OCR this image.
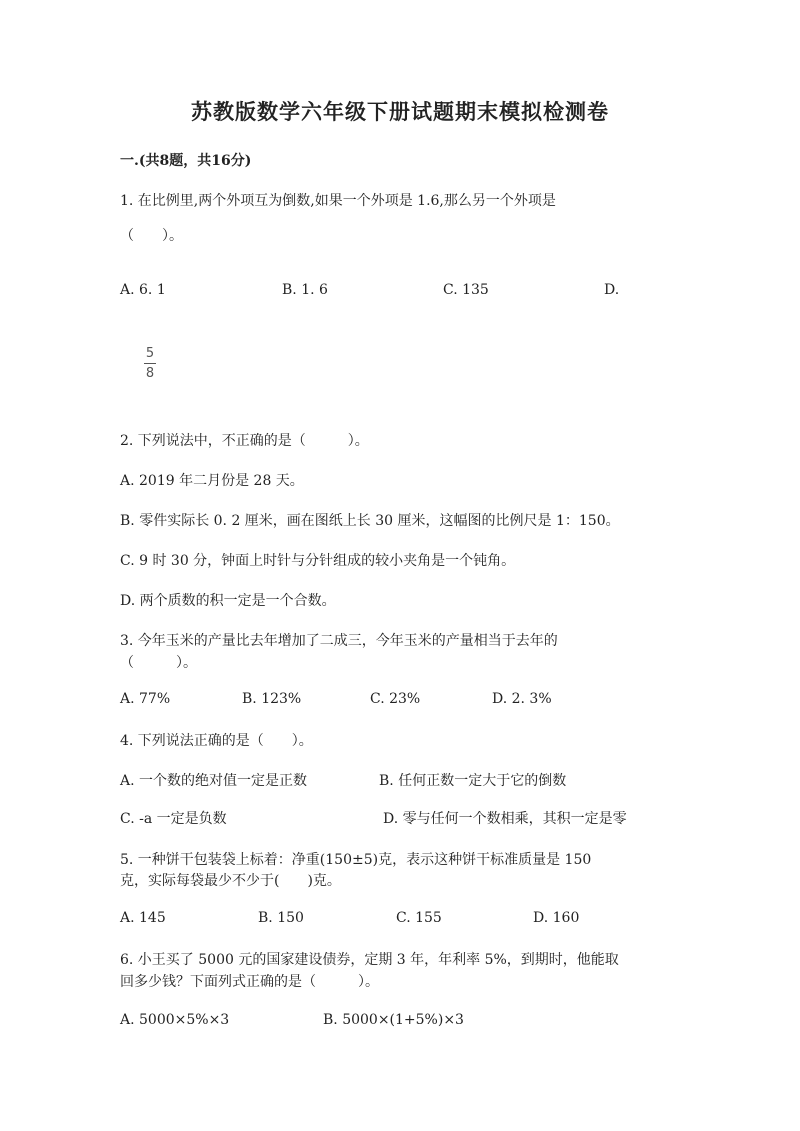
苏教版数学六年级下册试题期末模拟检测卷
一.(共8题，共16分)
1. 在比例里,两个外项互为倒数,如果一个外项是 1.6,那么另一个外项是
（　　）。
A. 6. 1	B. 1. 6	C. 135	D.
5
8
2. 下列说法中，不正确的是（　　　）。
A. 2019 年二月份是 28 天。
B. 零件实际长 0. 2 厘米，画在图纸上长 30 厘米，这幅图的比例尺是 1：150。
C. 9 时 30 分，钟面上时针与分针组成的较小夹角是一个钝角。
D. 两个质数的积一定是一个合数。
3. 今年玉米的产量比去年增加了二成三，今年玉米的产量相当于去年的
（　　　）。
A. 77%	B. 123%	C. 23%	D. 2. 3%
4. 下列说法正确的是（　　）。
A. 一个数的绝对值一定是正数	B. 任何正数一定大于它的倒数
C. -a 一定是负数	D. 零与任何一个数相乘，其积一定是零
5. 一种饼干包装袋上标着：净重(150±5)克，表示这种饼干标准质量是 150
克，实际每袋最少不少于(　　)克。
A. 145	B. 150	C. 155	D. 160
6. 小王买了 5000 元的国家建设债券，定期 3 年，年利率 5%，到期时，他能取
回多少钱？下面列式正确的是（　　　）。
A. 5000×5%×3	B. 5000×(1+5%)×3
